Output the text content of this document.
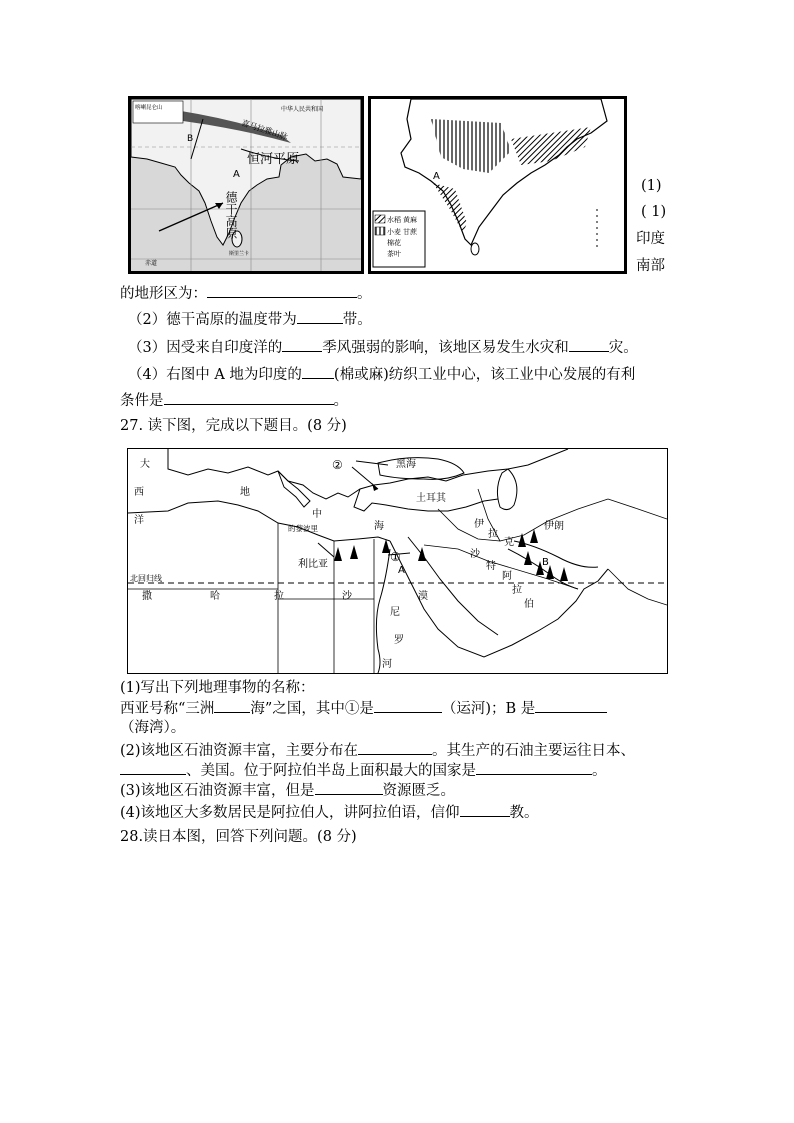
喀喇昆仑山
B
中华人民共和国
喜马拉雅山脉
恒河平原
A
德干高原
斯里兰卡
赤道
A
水稻
小麦
棉花
茶叶
黄麻
甘蔗
(1)
( 1)
印度
南部
的地形区为：	。
（2）德干高原的温度带为	带。
（3）因受来自印度洋的	季风强弱的影响，该地区易发生水灾和	灾。
（4）右图中 A 地为印度的 (棉或麻)纺织工业中心，该工业中心发展的有利
条件是	。
27. 读下图，完成以下题目。(8 分)
大
西
洋
地
中
海
的黎波里
利比亚
黑海
土耳其
伊
拉
克
伊朗
沙
特
阿
拉
伯
北回归线
撒	哈	拉	沙	漠
尼
罗
河
①
②
A
B
(1)写出下列地理事物的名称：
西亚号称“三洲 海”之国，其中①是	（运河)；B 是
（海湾）。
(2)该地区石油资源丰富，主要分布在	。其生产的石油主要运往日本、
、美国。位于阿拉伯半岛上面积最大的国家是	。
(3)该地区石油资源丰富，但是	资源匮乏。
(4)该地区大多数居民是阿拉伯人，讲阿拉伯语，信仰	教。
28.读日本图，回答下列问题。(8 分)
